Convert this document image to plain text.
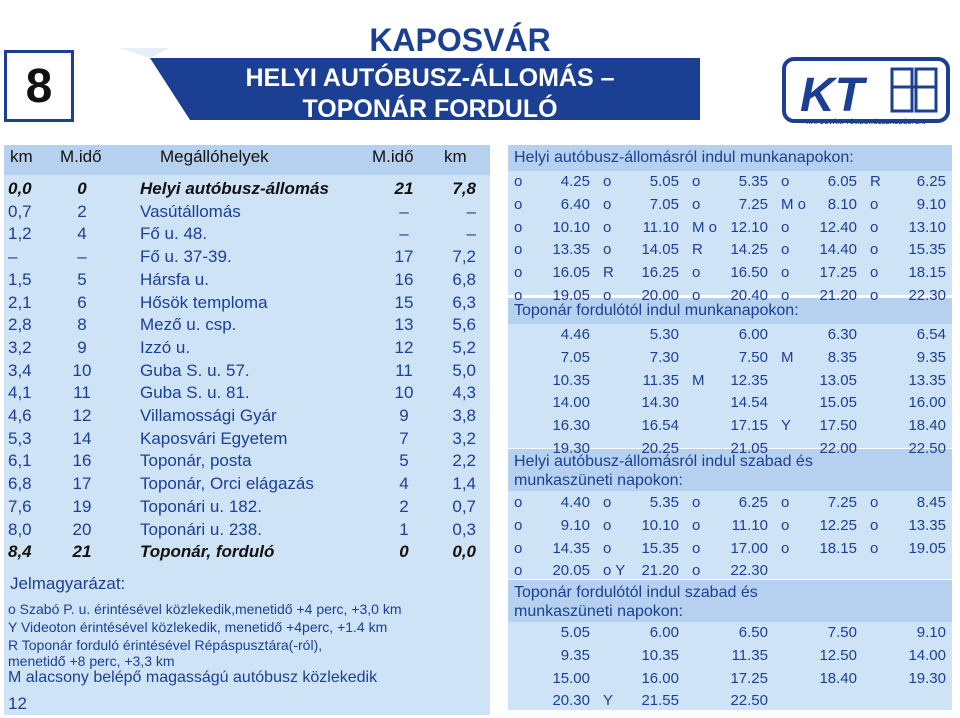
8
KAPOSVÁR
HELYI AUTÓBUSZ-ÁLLOMÁS –
TOPONÁR FORDULÓ	KT
KAPOSVÁRI TÖMEGKÖZLEKEDÉSI Zrt.
km M.idő	Megállóhelyek	M.idő km
0,0	0	Helyi autóbusz-állomás	21	7,8
0,7	2	Vasútállomás	–	–
1,2	4	Fő u. 48.	–	–
–	–	Fő u. 37-39.	17	7,2
1,5	5	Hársfa u.	16	6,8
2,1	6	Hősök temploma	15	6,3
2,8	8	Mező u. csp.	13	5,6
3,2	9	Izzó u.	12	5,2
3,4	10	Guba S. u. 57.	11	5,0
4,1	11	Guba S. u. 81.	10	4,3
4,6	12	Villamossági Gyár	9	3,8
5,3	14	Kaposvári Egyetem	7	3,2
6,1	16	Toponár, posta	5	2,2
6,8	17	Toponár, Orci elágazás	4	1,4
7,6	19	Toponári u. 182.	2	0,7
8,0	20	Toponári u. 238.	1	0,3
8,4	21	Toponár, forduló	0	0,0
Jelmagyarázat:
o Szabó P. u. érintésével közlekedik,menetidő +4 perc, +3,0 km
Y Videoton érintésével közlekedik, menetidő +4perc, +1.4 km
R Toponár forduló érintésével Répáspusztára(-ról),
menetidő +8 perc, +3,3 km
M alacsony belépő magasságú autóbusz közlekedik
12
Helyi autóbusz-állomásról indul munkanapokon:
Toponár fordulótól indul munkanapokon:
Helyi autóbusz-állomásról indul szabad és
munkaszüneti napokon:
Toponár fordulótól indul szabad és
munkaszüneti napokon:
o	4.25 o	5.05 o	5.35 o	6.05 R	6.25
o	6.40 o	7.05 o	7.25 M o	8.10 o	9.10
o	10.10 o	11.10 M o 12.10 o	12.40 o	13.10
o	13.35 o	14.05 R	14.25 o	14.40 o	15.35
o	16.05 R	16.25 o	16.50 o	17.25 o	18.15
o	19.05 o	20.00 o	20.40 o	21.20 o	22.30
4.46	5.30	6.00	6.30	6.54
7.05	7.30	7.50 M	8.35	9.35
10.35	11.35 M	12.35	13.05	13.35
14.00	14.30	14.54	15.05	16.00
16.30	16.54	17.15 Y	17.50	18.40
19.30	20.25	21.05	22.00	22.50
o	4.40 o	5.35 o	6.25 o	7.25 o	8.45
o	9.10 o	10.10 o	11.10 o	12.25 o	13.35
o	14.35 o	15.35 o	17.00 o	18.15 o	19.05
o	20.05 o Y	21.20 o	22.30
5.05	6.00	6.50	7.50	9.10
9.35	10.35	11.35	12.50	14.00
15.00	16.00	17.25	18.40	19.30
20.30 Y	21.55	22.50
